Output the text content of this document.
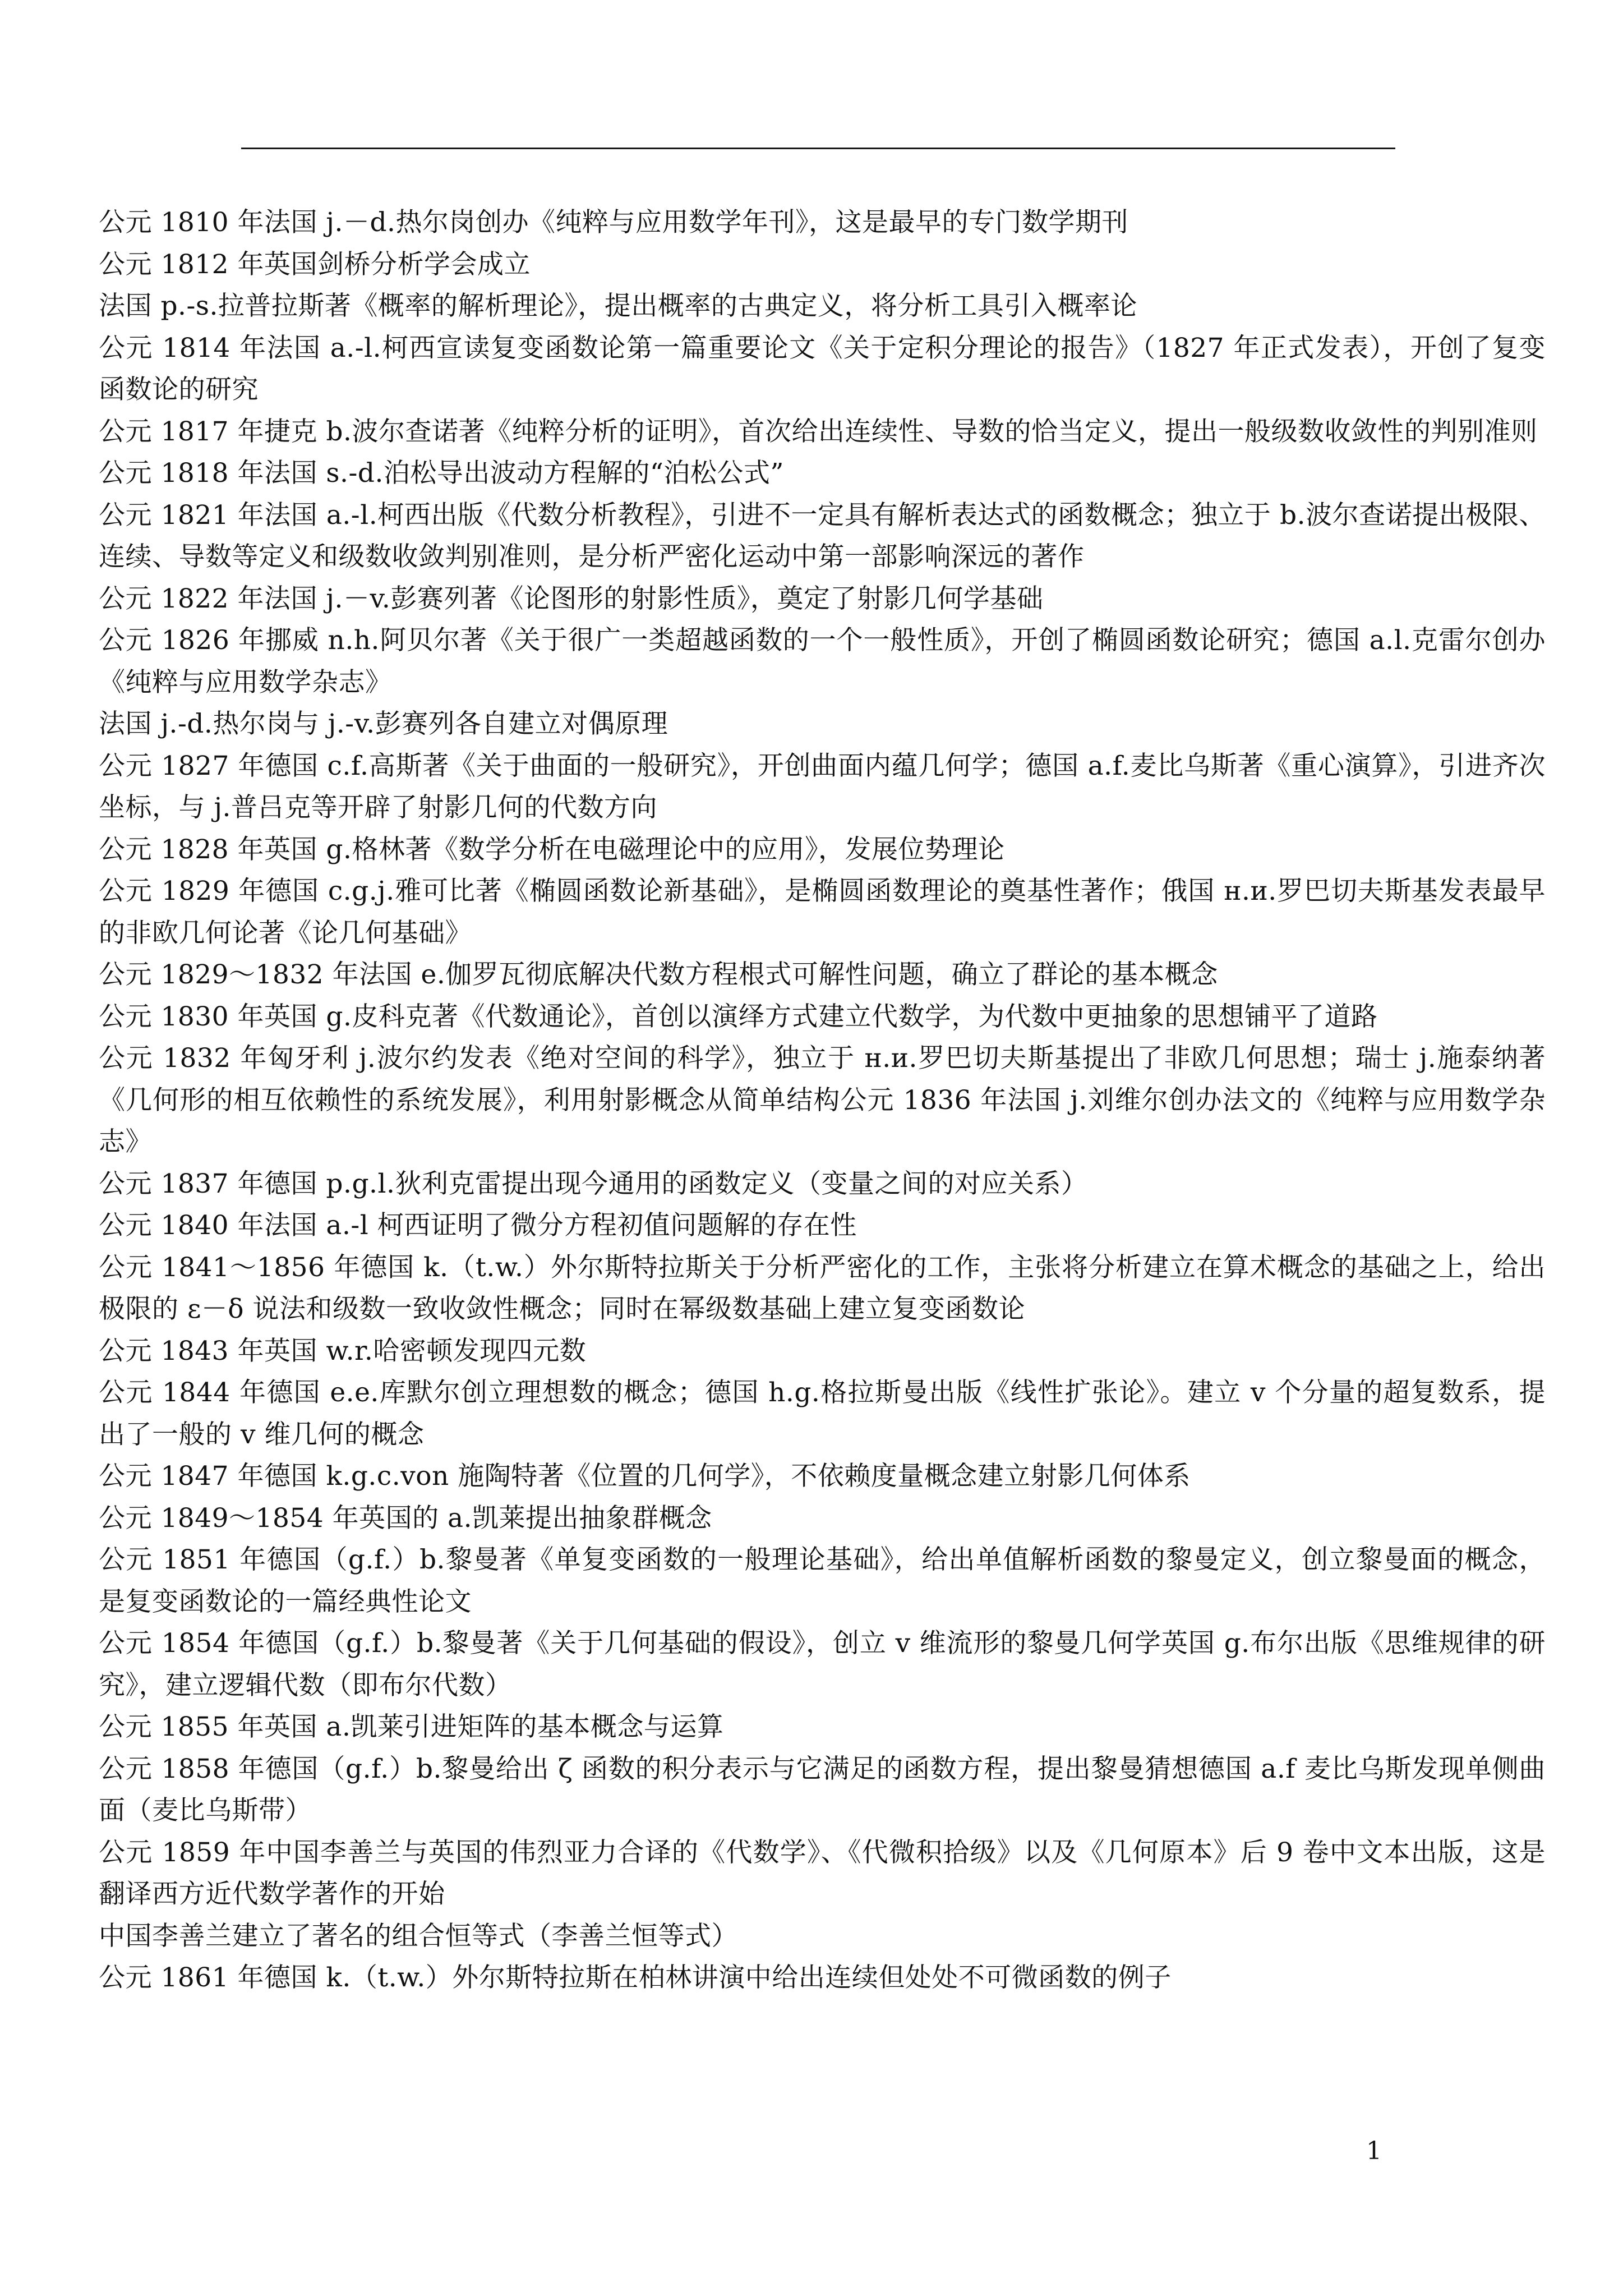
公元 1810 年法国 j.－d.热尔岗创办《纯粹与应用数学年刊》，这是最早的专门数学期刊

公元 1812 年英国剑桥分析学会成立

法国 p.-s.拉普拉斯著《概率的解析理论》，提出概率的古典定义，将分析工具引入概率论

公元 1814 年法国 a.-l.柯西宣读复变函数论第一篇重要论文《关于定积分理论的报告》（1827 年正式发表），开创了复变函数论的研究

公元 1817 年捷克 b.波尔查诺著《纯粹分析的证明》，首次给出连续性、导数的恰当定义，提出一般级数收敛性的判别准则

公元 1818 年法国 s.-d.泊松导出波动方程解的“泊松公式”

公元 1821 年法国 a.-l.柯西出版《代数分析教程》，引进不一定具有解析表达式的函数概念；独立于 b.波尔查诺提出极限、连续、导数等定义和级数收敛判别准则，是分析严密化运动中第一部影响深远的著作

公元 1822 年法国 j.－v.彭赛列著《论图形的射影性质》，奠定了射影几何学基础

公元 1826 年挪威 n.h.阿贝尔著《关于很广一类超越函数的一个一般性质》，开创了椭圆函数论研究；德国 a.l.克雷尔创办《纯粹与应用数学杂志》

法国 j.-d.热尔岗与 j.-v.彭赛列各自建立对偶原理

公元 1827 年德国 c.f.高斯著《关于曲面的一般研究》，开创曲面内蕴几何学；德国 a.f.麦比乌斯著《重心演算》，引进齐次坐标，与 j.普吕克等开辟了射影几何的代数方向

公元 1828 年英国 g.格林著《数学分析在电磁理论中的应用》，发展位势理论

公元 1829 年德国 c.g.j.雅可比著《椭圆函数论新基础》，是椭圆函数理论的奠基性著作；俄国 н.и.罗巴切夫斯基发表最早的非欧几何论著《论几何基础》

公元 1829～1832 年法国 e.伽罗瓦彻底解决代数方程根式可解性问题，确立了群论的基本概念

公元 1830 年英国 g.皮科克著《代数通论》，首创以演绎方式建立代数学，为代数中更抽象的思想铺平了道路

公元 1832 年匈牙利 j.波尔约发表《绝对空间的科学》，独立于 н.и.罗巴切夫斯基提出了非欧几何思想；瑞士 j.施泰纳著《几何形的相互依赖性的系统发展》，利用射影概念从简单结构公元 1836 年法国 j.刘维尔创办法文的《纯粹与应用数学杂志》

公元 1837 年德国 p.g.l.狄利克雷提出现今通用的函数定义（变量之间的对应关系）

公元 1840 年法国 a.-l 柯西证明了微分方程初值问题解的存在性

公元 1841～1856 年德国 k.（t.w.）外尔斯特拉斯关于分析严密化的工作，主张将分析建立在算术概念的基础之上，给出极限的 ε－δ 说法和级数一致收敛性概念；同时在幂级数基础上建立复变函数论

公元 1843 年英国 w.r.哈密顿发现四元数

公元 1844 年德国 e.e.库默尔创立理想数的概念；德国 h.g.格拉斯曼出版《线性扩张论》。建立 v 个分量的超复数系，提出了一般的 v 维几何的概念

公元 1847 年德国 k.g.c.von 施陶特著《位置的几何学》，不依赖度量概念建立射影几何体系

公元 1849～1854 年英国的 a.凯莱提出抽象群概念

公元 1851 年德国（g.f.）b.黎曼著《单复变函数的一般理论基础》，给出单值解析函数的黎曼定义，创立黎曼面的概念，是复变函数论的一篇经典性论文

公元 1854 年德国（g.f.）b.黎曼著《关于几何基础的假设》，创立 v 维流形的黎曼几何学英国 g.布尔出版《思维规律的研究》，建立逻辑代数（即布尔代数）

公元 1855 年英国 a.凯莱引进矩阵的基本概念与运算

公元 1858 年德国（g.f.）b.黎曼给出 ζ 函数的积分表示与它满足的函数方程，提出黎曼猜想德国 a.f 麦比乌斯发现单侧曲面（麦比乌斯带）

公元 1859 年中国李善兰与英国的伟烈亚力合译的《代数学》、《代微积拾级》以及《几何原本》后 9 卷中文本出版，这是翻译西方近代数学著作的开始

中国李善兰建立了著名的组合恒等式（李善兰恒等式）

公元 1861 年德国 k.（t.w.）外尔斯特拉斯在柏林讲演中给出连续但处处不可微函数的例子

1
